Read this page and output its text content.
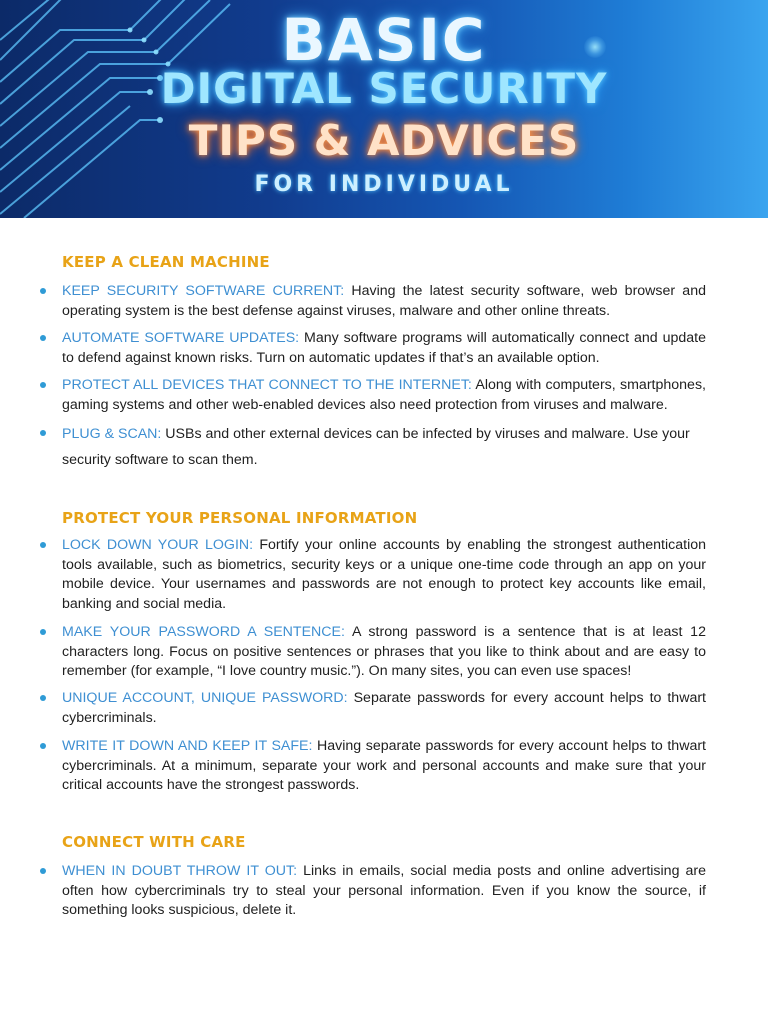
BASIC
DIGITAL SECURITY
TIPS & ADVICES
FOR INDIVIDUAL
KEEP A CLEAN MACHINE

KEEP SECURITY SOFTWARE CURRENT: Having the latest security software, web browser and operating system is the best defense against viruses, malware and other online threats.

AUTOMATE SOFTWARE UPDATES: Many software programs will automatically connect and update to defend against known risks. Turn on automatic updates if that’s an available option.

PROTECT ALL DEVICES THAT CONNECT TO THE INTERNET: Along with computers, smartphones, gaming systems and other web-enabled devices also need protection from viruses and malware.

PLUG & SCAN: USBs and other external devices can be infected by viruses and malware. Use your security software to scan them.

PROTECT YOUR PERSONAL INFORMATION

LOCK DOWN YOUR LOGIN: Fortify your online accounts by enabling the strongest authentication tools available, such as biometrics, security keys or a unique one-time code through an app on your mobile device. Your usernames and passwords are not enough to protect key accounts like email, banking and social media.

MAKE YOUR PASSWORD A SENTENCE: A strong password is a sentence that is at least 12 characters long. Focus on positive sentences or phrases that you like to think about and are easy to remember (for example, “I love country music.”). On many sites, you can even use spaces!

UNIQUE ACCOUNT, UNIQUE PASSWORD: Separate passwords for every account helps to thwart cybercriminals.

WRITE IT DOWN AND KEEP IT SAFE: Having separate passwords for every account helps to thwart cybercriminals. At a minimum, separate your work and personal accounts and make sure that your critical accounts have the strongest passwords.

CONNECT WITH CARE

WHEN IN DOUBT THROW IT OUT: Links in emails, social media posts and online advertising are often how cybercriminals try to steal your personal information. Even if you know the source, if something looks suspicious, delete it.
